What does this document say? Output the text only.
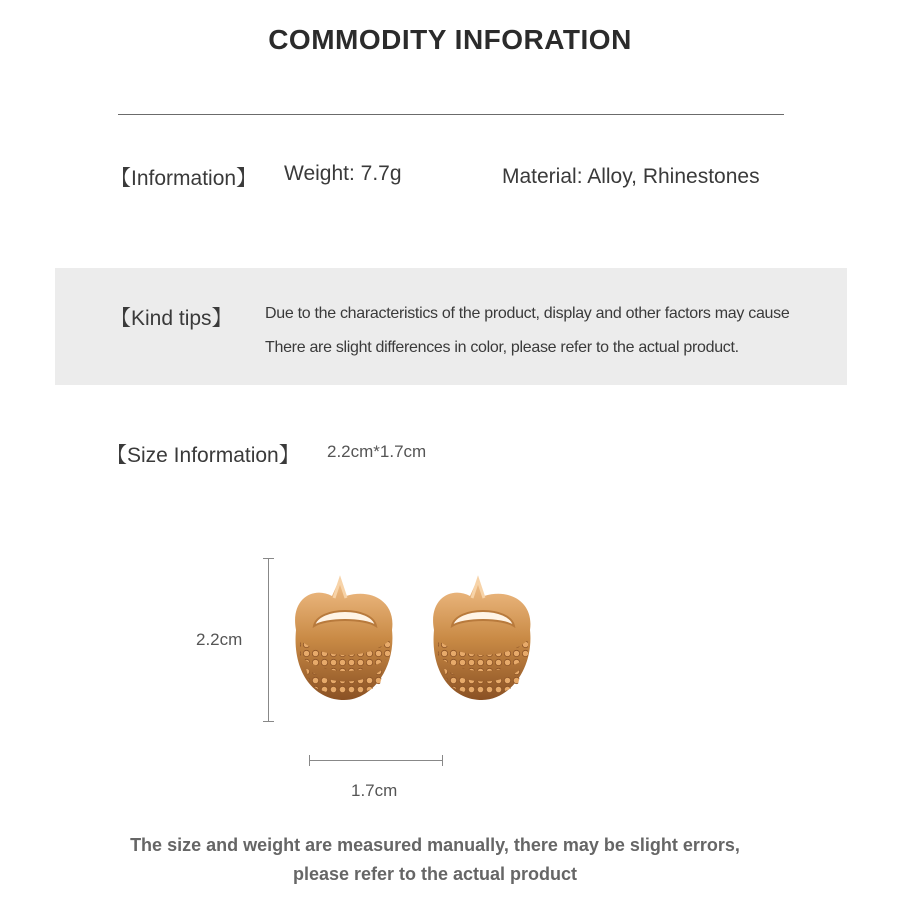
COMMODITY INFORATION
【Information】 Weight: 7.7g	Material: Alloy, Rhinestones
【Kind tips】 Due to the characteristics of the product, display and other factors may cause
There are slight differences in color, please refer to the actual product.
【Size Information】 2.2cm*1.7cm
2.2cm
1.7cm
The size and weight are measured manually, there may be slight errors,
please refer to the actual product
